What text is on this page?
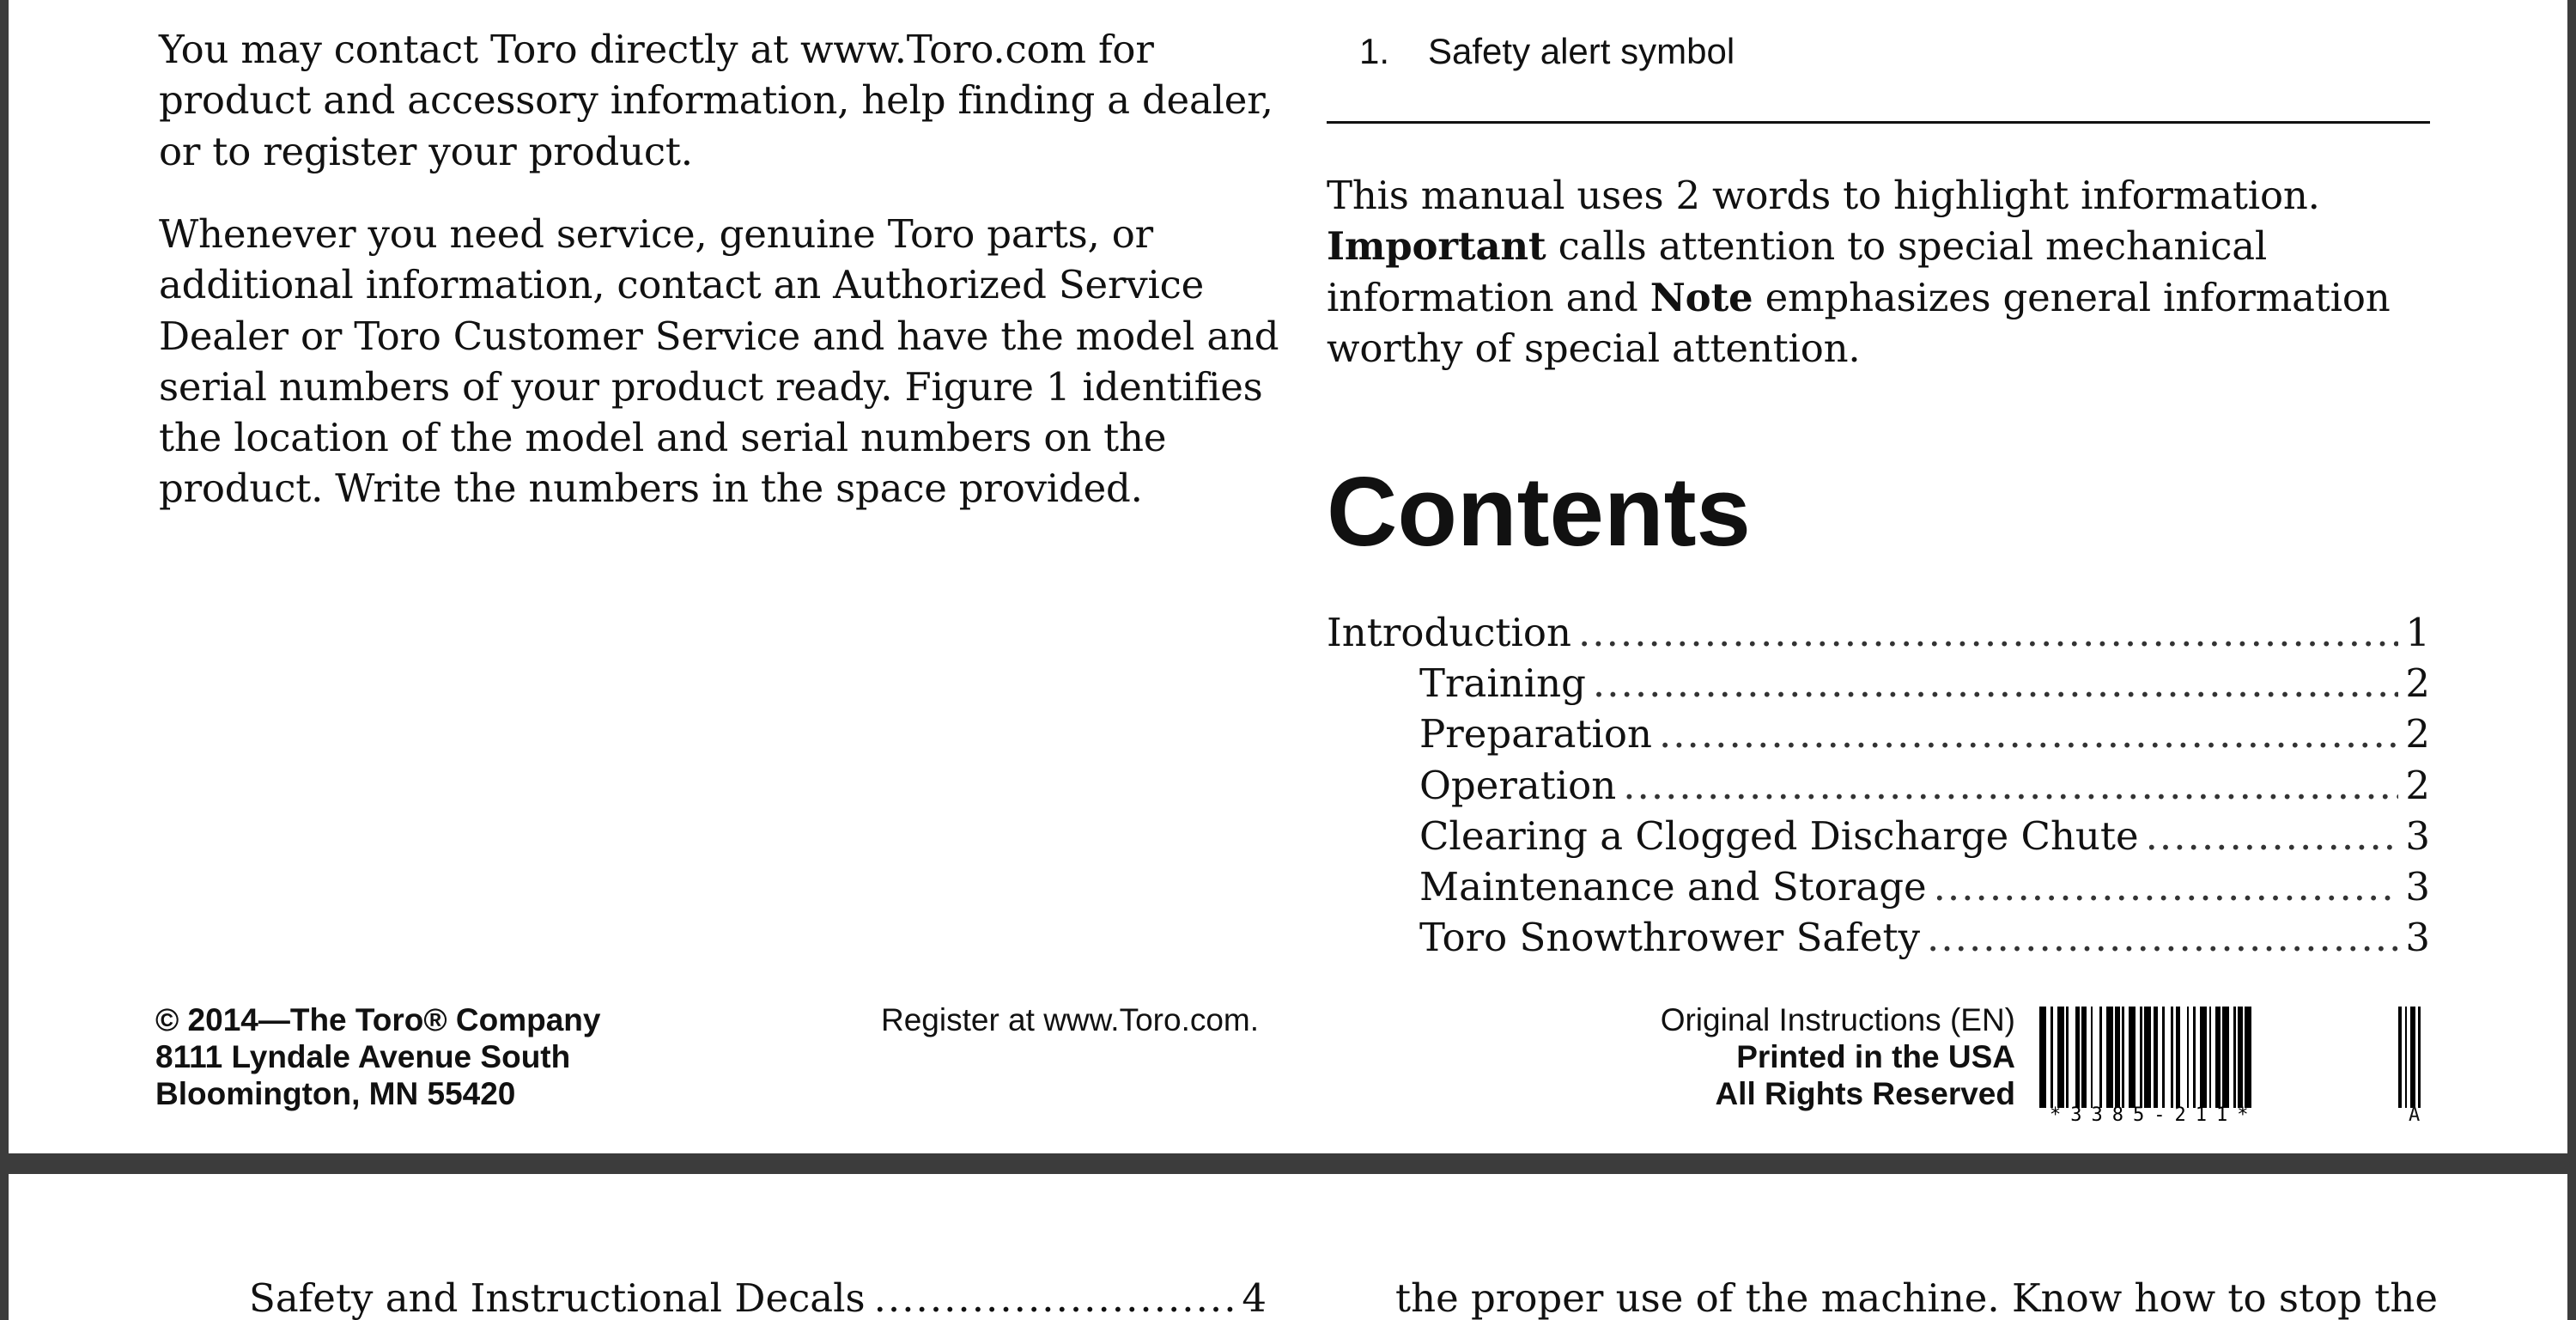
You may contact Toro directly at www.Toro.com for product and accessory information, help finding a dealer, or to register your product.

Whenever you need service, genuine Toro parts, or additional information, contact an Authorized Service Dealer or Toro Customer Service and have the model and serial numbers of your product ready. Figure 1 identifies the location of the model and serial numbers on the product. Write the numbers in the space provided.

1. Safety alert symbol

This manual uses 2 words to highlight information.
Important calls attention to special mechanical information and Note emphasizes general information worthy of special attention.

Contents
Introduction .....	1
Training .....	2
Preparation .....	2
Operation .....	2
Clearing a Clogged Discharge Chute .....	3
Maintenance and Storage .....	3
Toro Snowthrower Safety .....	3
© 2014—The Toro® Company
8111 Lyndale Avenue South
Bloomington, MN 55420
Register at www.Toro.com.	Original Instructions (EN)
Printed in the USA
All Rights Reserved
*3385-211*	A
Safety and Instructional Decals .....	4	the proper use of the machine. Know how to stop the
